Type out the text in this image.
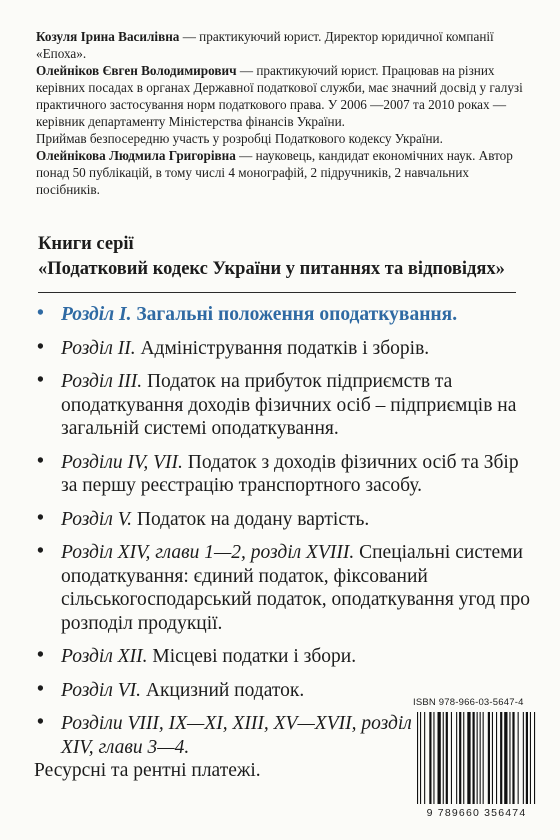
Козуля Ірина Василівна — практикуючий юрист. Директор юридичної компанії «Епоха».

Олейніков Євген Володимирович — практикуючий юрист. Працював на різних керівних посадах в органах Державної податкової служби, має значний досвід у галузі практичного застосування норм податкового права. У 2006 —2007 та 2010 роках — керівник департаменту Міністерства фінансів України.

Приймав безпосередню участь у розробці Податкового кодексу України.

Олейнікова Людмила Григорівна — науковець, кандидат економічних наук. Автор понад 50 публікацій, в тому числі 4 монографій, 2 підручників, 2 навчальних посібників.

Книги серії
«Податковий кодекс України у питаннях та відповідях»
• Розділ I. Загальні положення оподаткування.
• Розділ II. Адміністрування податків і зборів.
• Розділ III. Податок на прибуток підприємств та оподаткування доходів фізичних осіб – підприємців на загальній системі оподаткування.
• Розділи IV, VII. Податок з доходів фізичних осіб та Збір за першу реєстрацію транспортного засобу.
• Розділ V. Податок на додану вартість.
• Розділ XIV, глави 1—2, розділ XVIII. Спеціальні системи оподаткування: єдиний податок, фіксований сільськогосподарський податок, оподаткування угод про розподіл продукції.
• Розділ XII. Місцеві податки і збори.
• Розділ VI. Акцизний податок.
• Розділи VIII, IX—XI, XIII, XV—XVII, розділ XIV, глави 3—4.
Ресурсні та рентні платежі.
ISBN 978-966-03-5647-4
9 789660 356474
